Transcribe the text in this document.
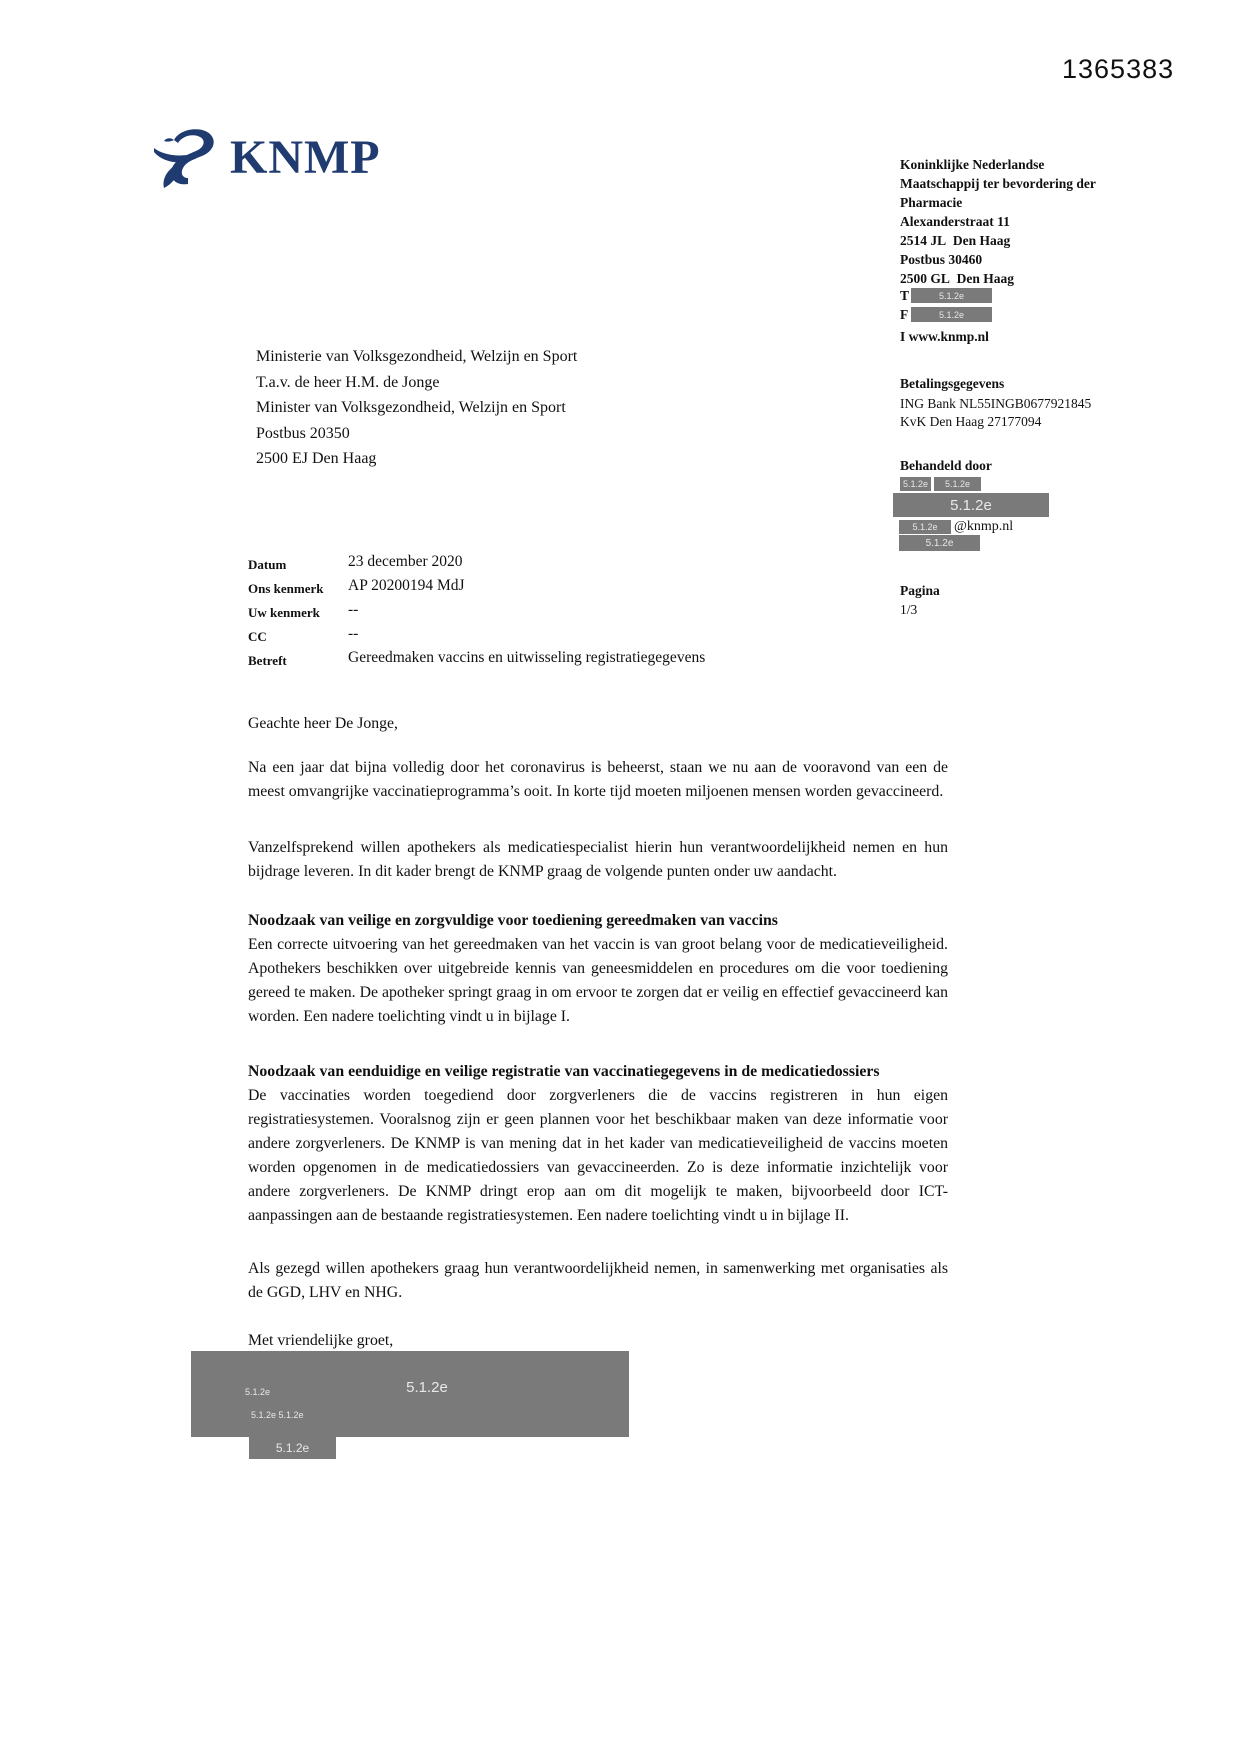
1365383
KNMP
Ministerie van Volksgezondheid, Welzijn en Sport
T.a.v. de heer H.M. de Jonge
Minister van Volksgezondheid, Welzijn en Sport
Postbus 20350
2500 EJ Den Haag
Datum	23 december 2020
Ons kenmerk	AP 20200194 MdJ
Uw kenmerk	--
CC	--
Betreft	Gereedmaken vaccins en uitwisseling registratiegegevens
Geachte heer De Jonge,
Na een jaar dat bijna volledig door het coronavirus is beheerst, staan we nu aan de vooravond van een de meest omvangrijke vaccinatieprogramma’s ooit. In korte tijd moeten miljoenen mensen worden gevaccineerd.
Vanzelfsprekend willen apothekers als medicatiespecialist hierin hun verantwoordelijkheid nemen en hun bijdrage leveren. In dit kader brengt de KNMP graag de volgende punten onder uw aandacht.
Noodzaak van veilige en zorgvuldige voor toediening gereedmaken van vaccins
Een correcte uitvoering van het gereedmaken van het vaccin is van groot belang voor de medicatieveiligheid. Apothekers beschikken over uitgebreide kennis van geneesmiddelen en procedures om die voor toediening gereed te maken. De apotheker springt graag in om ervoor te zorgen dat er veilig en effectief gevaccineerd kan worden. Een nadere toelichting vindt u in bijlage I.
Noodzaak van eenduidige en veilige registratie van vaccinatiegegevens in de medicatiedossiers
De vaccinaties worden toegediend door zorgverleners die de vaccins registreren in hun eigen registratiesystemen. Vooralsnog zijn er geen plannen voor het beschikbaar maken van deze informatie voor andere zorgverleners. De KNMP is van mening dat in het kader van medicatieveiligheid de vaccins moeten worden opgenomen in de medicatiedossiers van gevaccineerden. Zo is deze informatie inzichtelijk voor andere zorgverleners. De KNMP dringt erop aan om dit mogelijk te maken, bijvoorbeeld door ICT-aanpassingen aan de bestaande registratiesystemen. Een nadere toelichting vindt u in bijlage II.
Als gezegd willen apothekers graag hun verantwoordelijkheid nemen, in samenwerking met organisaties als de GGD, LHV en NHG.
Met vriendelijke groet,
5.1.2e	5.1.2e
5.1.2e 5.1.2e
5.1.2e
Koninklijke Nederlandse
Maatschappij ter bevordering der
Pharmacie
Alexanderstraat 11
2514 JL  Den Haag
Postbus 30460
2500 GL  Den Haag
T	5.1.2e
F	5.1.2e
I www.knmp.nl
Betalingsgegevens
ING Bank NL55INGB0677921845
KvK Den Haag 27177094
Behandeld door
5.1.2e	5.1.2e
5.1.2e
5.1.2e	@knmp.nl
5.1.2e
Pagina
1/3
